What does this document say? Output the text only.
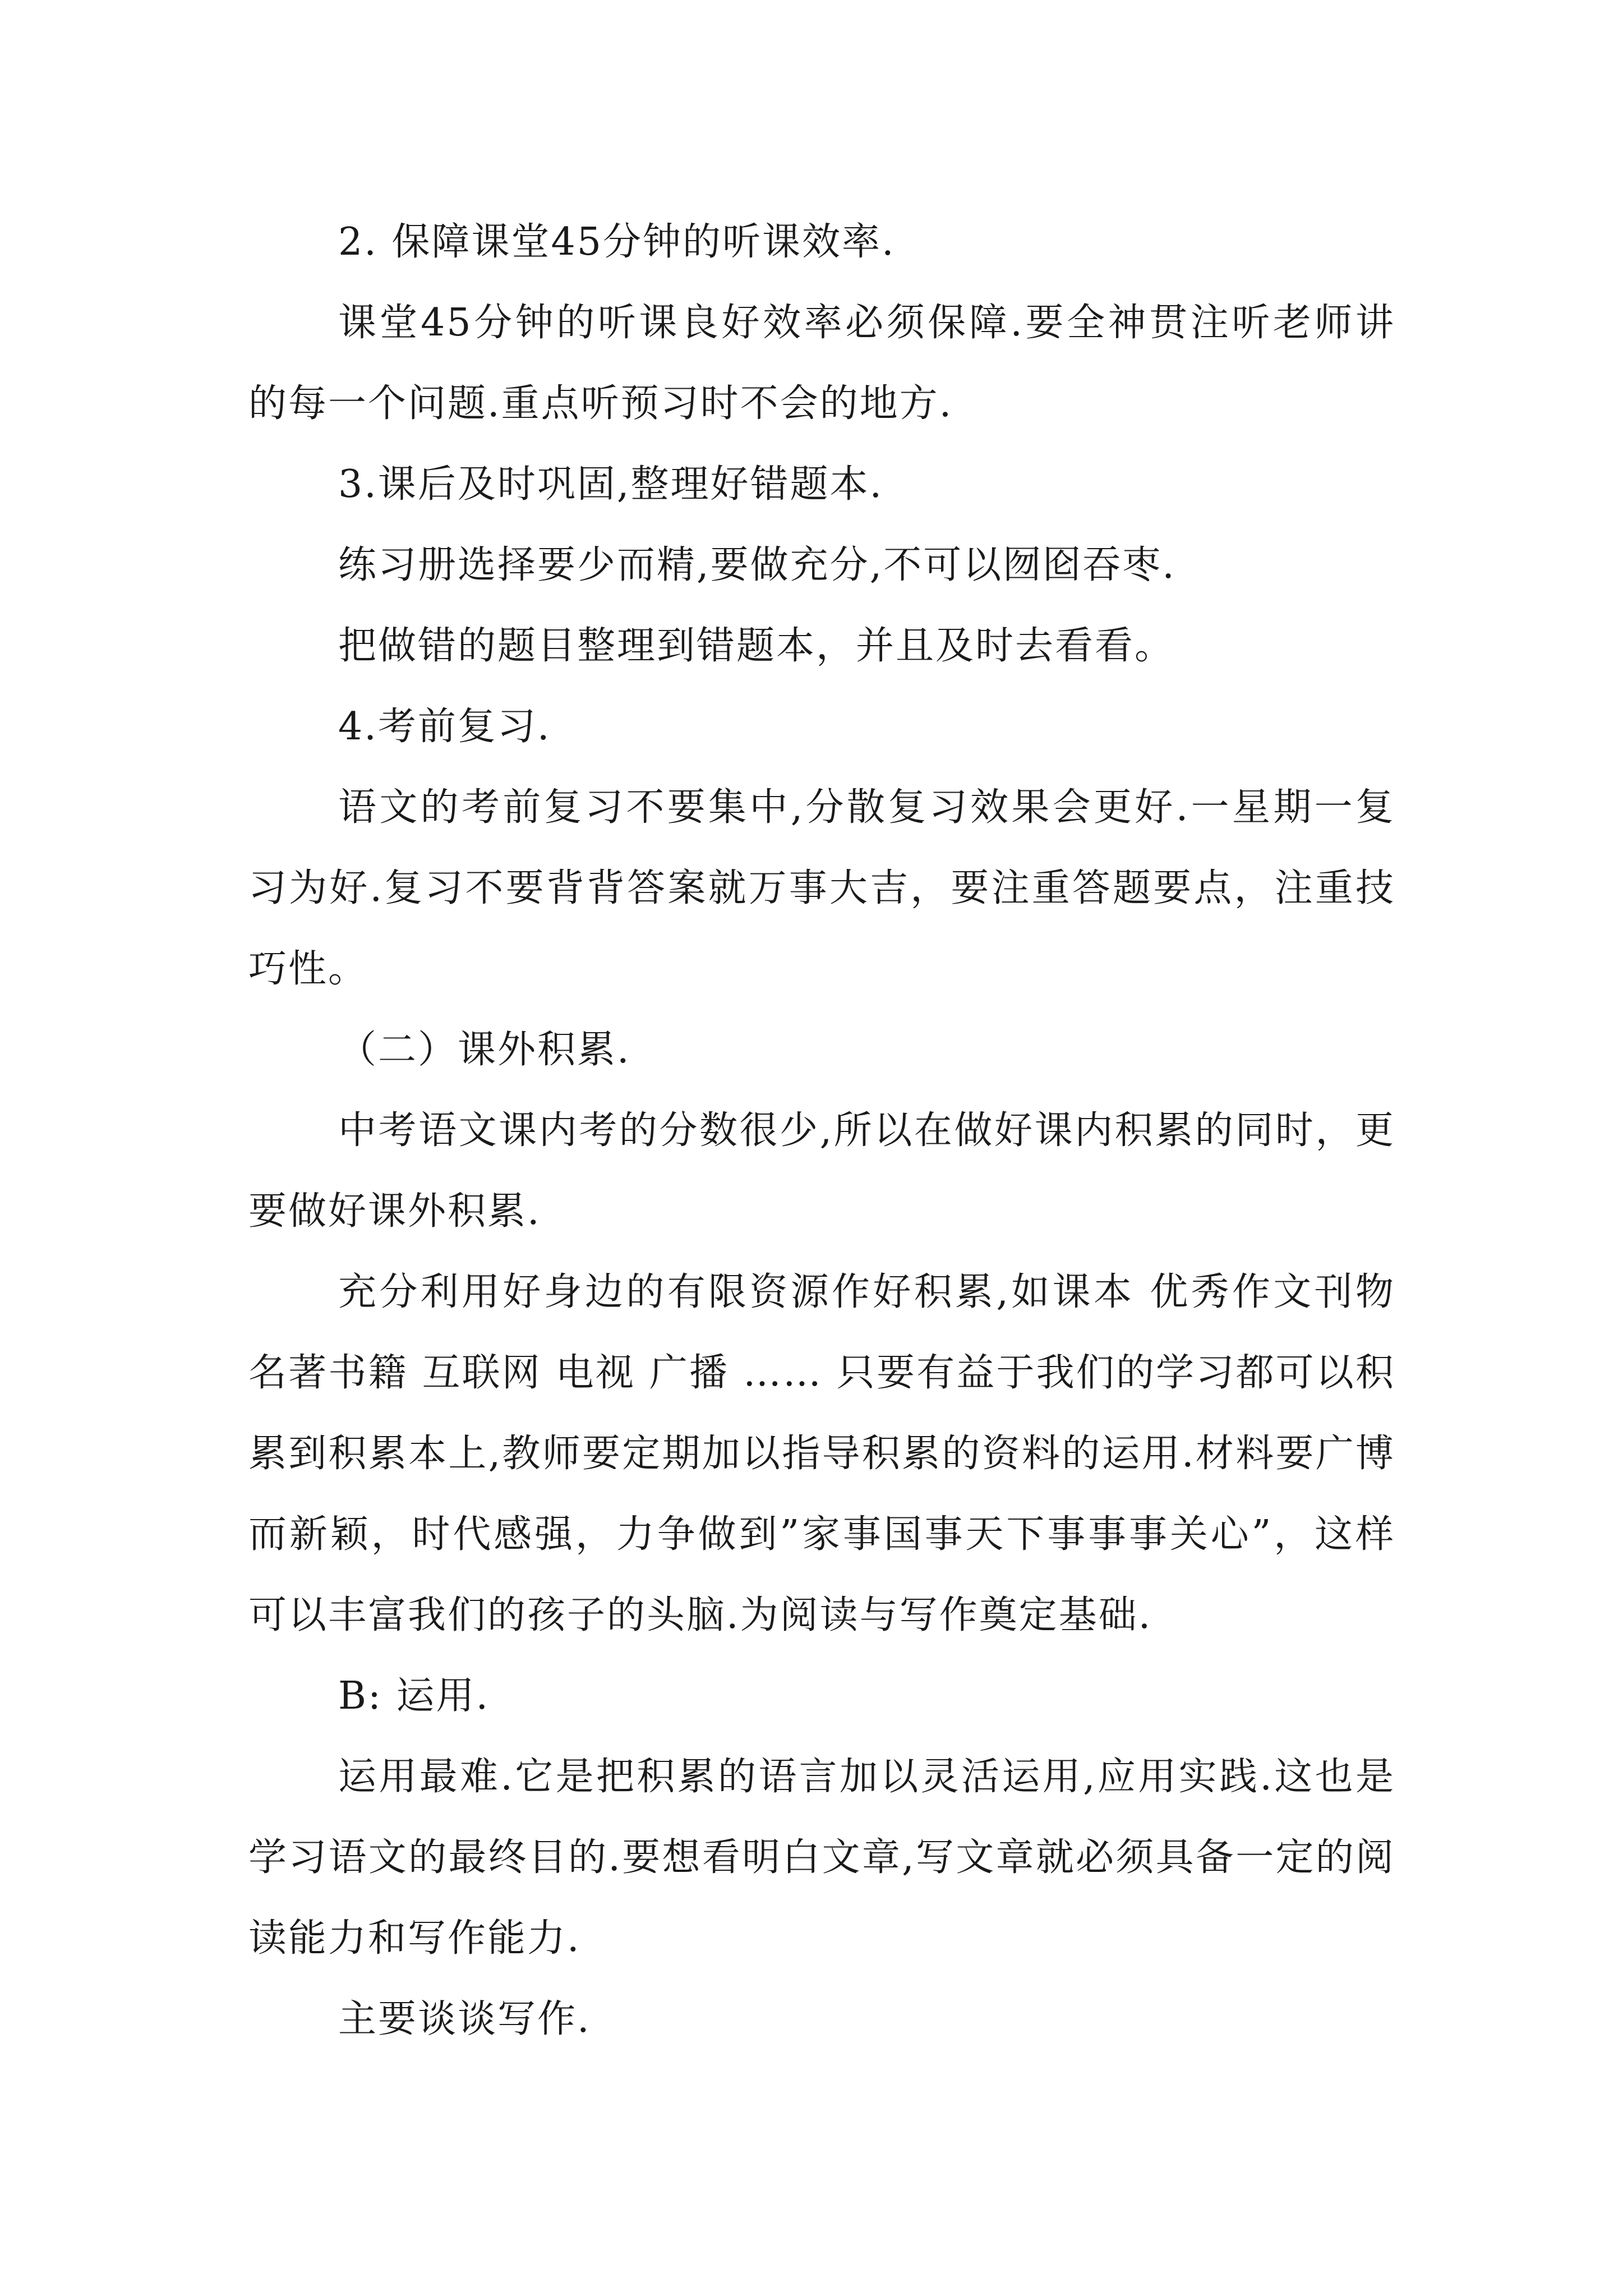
2. 保障课堂45分钟的听课效率.

课堂45分钟的听课良好效率必须保障.要全神贯注听老师讲的每一个问题.重点听预习时不会的地方.

3.课后及时巩固,整理好错题本.

练习册选择要少而精,要做充分,不可以囫囵吞枣.

把做错的题目整理到错题本，并且及时去看看。

4.考前复习.

语文的考前复习不要集中,分散复习效果会更好.一星期一复习为好.复习不要背背答案就万事大吉，要注重答题要点，注重技巧性。

（二）课外积累.

中考语文课内考的分数很少,所以在做好课内积累的同时，更要做好课外积累.

充分利用好身边的有限资源作好积累,如课本 优秀作文刊物 名著书籍 互联网 电视 广播 …… 只要有益于我们的学习都可以积累到积累本上,教师要定期加以指导积累的资料的运用.材料要广博而新颖，时代感强，力争做到”家事国事天下事事事关心”，这样可以丰富我们的孩子的头脑.为阅读与写作奠定基础.

B: 运用.

运用最难.它是把积累的语言加以灵活运用,应用实践.这也是学习语文的最终目的.要想看明白文章,写文章就必须具备一定的阅读能力和写作能力.

主要谈谈写作.
